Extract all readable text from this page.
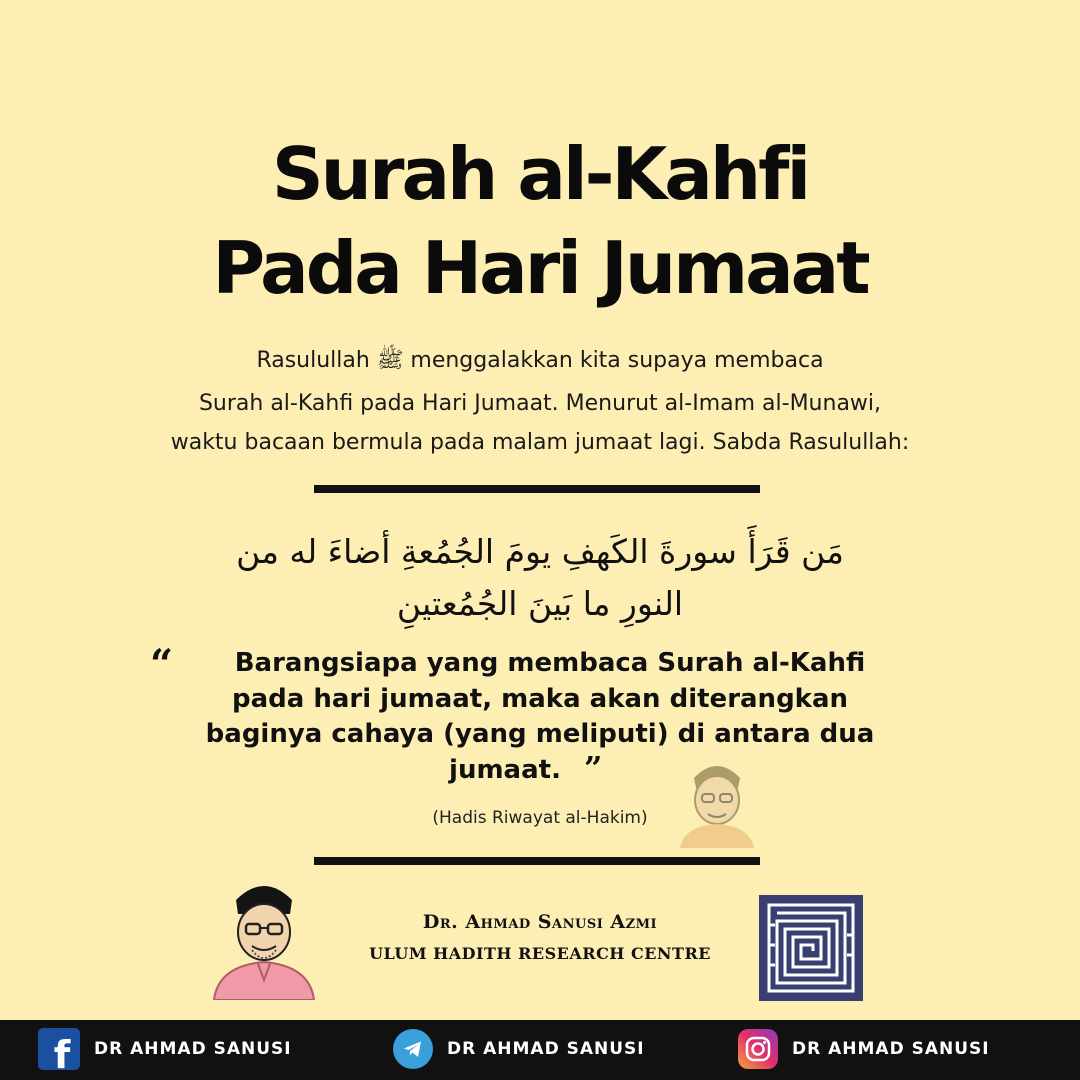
Surah al-Kahfi
Pada Hari Jumaat
Rasulullah ﷺ menggalakkan kita supaya membaca
Surah al-Kahfi pada Hari Jumaat. Menurut al-Imam al-Munawi,
waktu bacaan bermula pada malam jumaat lagi. Sabda Rasulullah:
مَن قَرَأَ سورةَ الكَهفِ يومَ الجُمُعةِ أضاءَ له من
النورِ ما بَينَ الجُمُعتينِ
“	Barangsiapa yang membaca Surah al-Kahfi
pada hari jumaat, maka akan diterangkan
baginya cahaya (yang meliputi) di antara dua
jumaat. ”
(Hadis Riwayat al-Hakim)
Dr. Ahmad Sanusi Azmi
ULUM HADITH RESEARCH CENTRE
f DR AHMAD SANUSI	DR AHMAD SANUSI	DR AHMAD SANUSI
